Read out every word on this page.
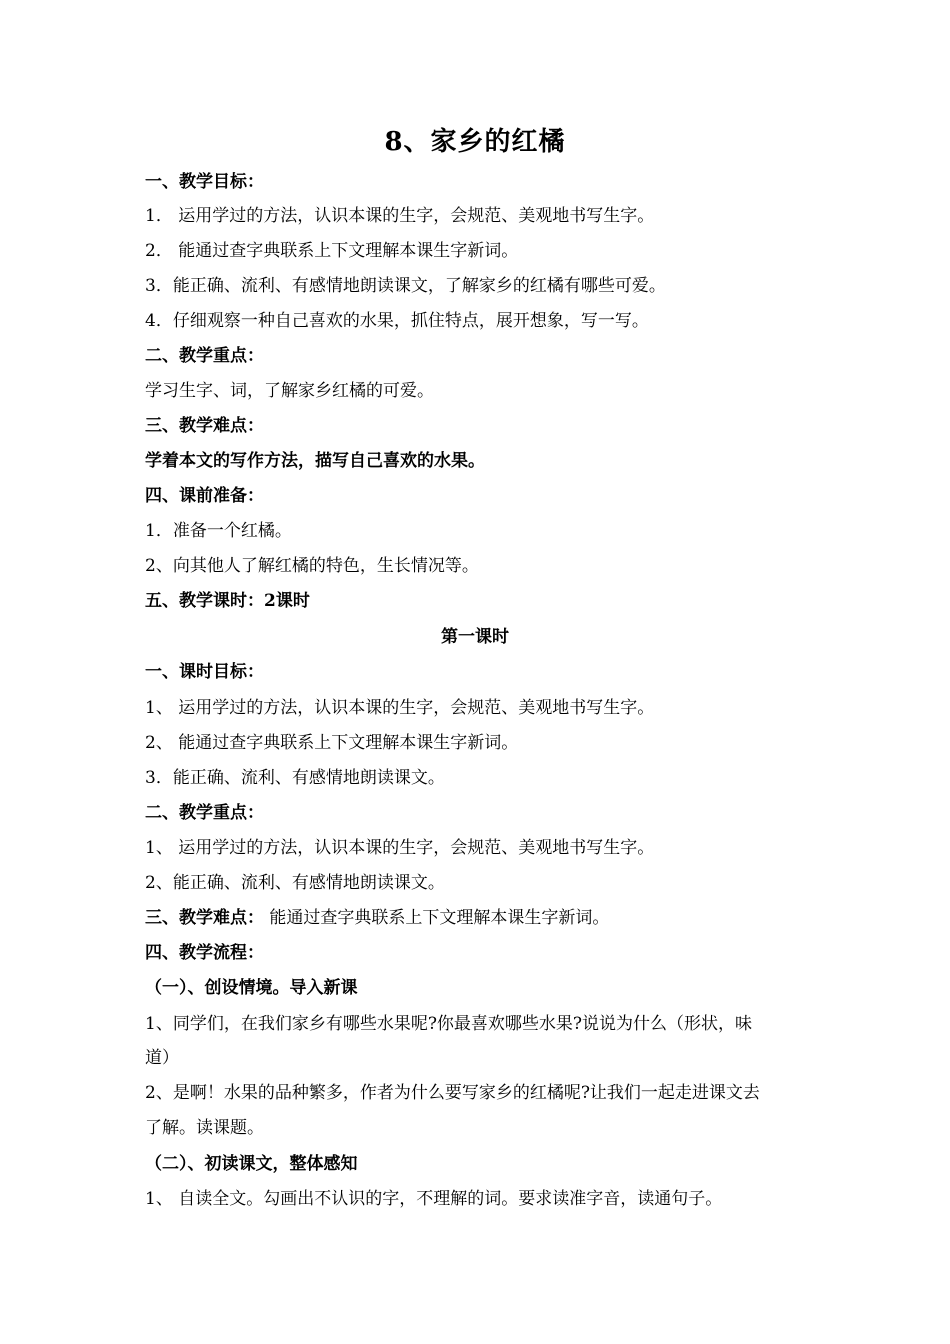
8、家乡的红橘
一、教学目标：
1． 运用学过的方法，认识本课的生字，会规范、美观地书写生字。
2． 能通过查字典联系上下文理解本课生字新词。
3．能正确、流利、有感情地朗读课文，了解家乡的红橘有哪些可爱。
4．仔细观察一种自己喜欢的水果，抓住特点，展开想象，写一写。
二、教学重点：
学习生字、词，了解家乡红橘的可爱。
三、教学难点：
学着本文的写作方法，描写自己喜欢的水果。
四、课前准备：
1．准备一个红橘。
2、向其他人了解红橘的特色，生长情况等。
五、教学课时：2课时
第一课时
一、课时目标：
1、 运用学过的方法，认识本课的生字，会规范、美观地书写生字。
2、 能通过查字典联系上下文理解本课生字新词。
3．能正确、流利、有感情地朗读课文。
二、教学重点：
1、 运用学过的方法，认识本课的生字，会规范、美观地书写生字。
2、能正确、流利、有感情地朗读课文。
三、教学难点： 能通过查字典联系上下文理解本课生字新词。
四、教学流程：
（一）、创设情境。导入新课
1、同学们，在我们家乡有哪些水果呢?你最喜欢哪些水果?说说为什么（形状，味
道）
2、是啊！水果的品种繁多，作者为什么要写家乡的红橘呢?让我们一起走进课文去
了解。读课题。
（二）、初读课文，整体感知
1、 自读全文。勾画出不认识的字，不理解的词。要求读准字音，读通句子。
